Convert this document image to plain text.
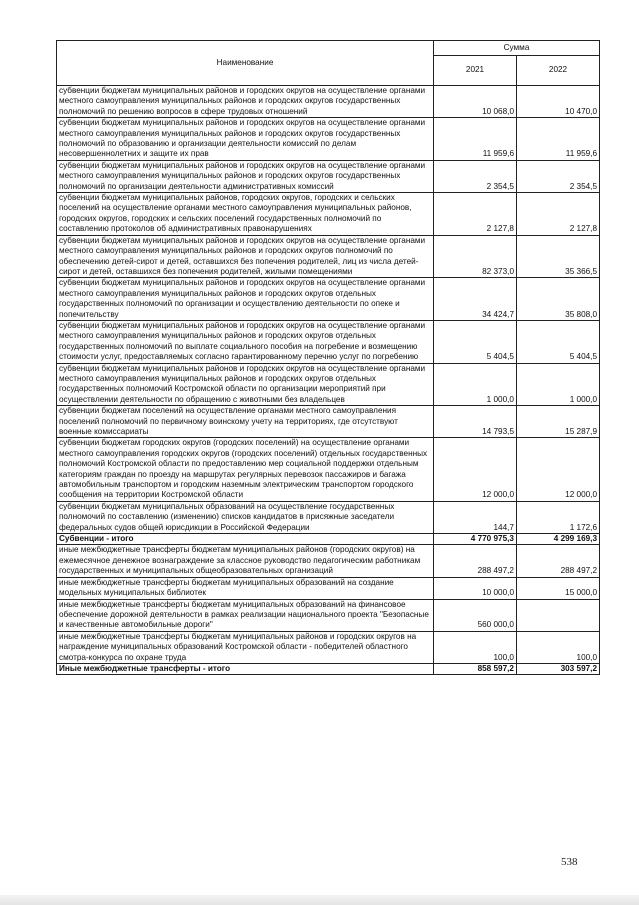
Наименование	Сумма	
	2021	2022
субвенции бюджетам муниципальных районов и городских округов на осуществление органами местного самоуправления муниципальных районов и городских округов государственных полномочий по решению вопросов в сфере трудовых отношений	10 068,0	10 470,0
субвенции бюджетам муниципальных районов и городских округов на осуществление органами местного самоуправления муниципальных районов и городских округов государственных полномочий по образованию и организации деятельности комиссий по делам несовершеннолетних и защите их прав	11 959,6	11 959,6
субвенции бюджетам муниципальных районов и городских округов на осуществление органами местного самоуправления муниципальных районов и городских округов государственных полномочий по организации деятельности административных комиссий	2 354,5	2 354,5
субвенции бюджетам муниципальных районов, городских округов, городских и сельских поселений на осуществление органами местного самоуправления муниципальных районов, городских округов, городских и сельских поселений государственных полномочий по составлению протоколов об административных правонарушениях	2 127,8	2 127,8
субвенции бюджетам муниципальных районов и городских округов на осуществление органами местного самоуправления муниципальных районов и городских округов полномочий по обеспечению детей-сирот и детей, оставшихся без попечения родителей, лиц из числа детей-сирот и детей, оставшихся без попечения родителей, жилыми помещениями	82 373,0	35 366,5
субвенции бюджетам муниципальных районов и городских округов на осуществление органами местного самоуправления муниципальных районов и городских округов отдельных государственных полномочий по организации и осуществлению деятельности по опеке и попечительству	34 424,7	35 808,0
субвенции бюджетам муниципальных районов и городских округов на осуществление органами местного самоуправления муниципальных районов и городских округов отдельных государственных полномочий по выплате социального пособия на погребение и возмещению стоимости услуг, предоставляемых согласно гарантированному перечню услуг по погребению	5 404,5	5 404,5
субвенции бюджетам муниципальных районов и городских округов на осуществление органами местного самоуправления муниципальных районов и городских округов отдельных государственных полномочий Костромской области по организации мероприятий при осуществлении деятельности по обращению с животными без владельцев	1 000,0	1 000,0
субвенции бюджетам поселений на осуществление органами местного самоуправления поселений полномочий по первичному воинскому учету на территориях, где отсутствуют военные комиссариаты	14 793,5	15 287,9
субвенции бюджетам городских округов (городских поселений) на осуществление органами местного самоуправления городских округов (городских поселений) отдельных государственных полномочий Костромской области по предоставлению мер социальной поддержки отдельным категориям граждан по проезду на маршрутах регулярных перевозок пассажиров и багажа автомобильным транспортом и городским наземным электрическим транспортом городского сообщения на территории Костромской области	12 000,0	12 000,0
субвенции бюджетам муниципальных образований на осуществление государственных полномочий по составлению (изменению) списков кандидатов в присяжные заседатели федеральных судов общей юрисдикции в Российской Федерации	144,7	1 172,6
Субвенции - итого	4 770 975,3	4 299 169,3
иные межбюджетные трансферты бюджетам муниципальных районов (городских округов) на ежемесячное денежное вознаграждение за классное руководство педагогическим работникам государственных и муниципальных общеобразовательных организаций	288 497,2	288 497,2
иные межбюджетные трансферты бюджетам муниципальных образований на создание модельных муниципальных библиотек	10 000,0	15 000,0
иные межбюджетные трансферты бюджетам муниципальных образований на финансовое обеспечение дорожной деятельности в рамках реализации национального проекта "Безопасные и качественные автомобильные дороги"	560 000,0	
иные межбюджетные трансферты бюджетам муниципальных районов и городских округов на награждение муниципальных образований Костромской области - победителей областного смотра-конкурса по охране труда	100,0	100,0
Иные межбюджетные трансферты - итого	858 597,2	303 597,2
538
